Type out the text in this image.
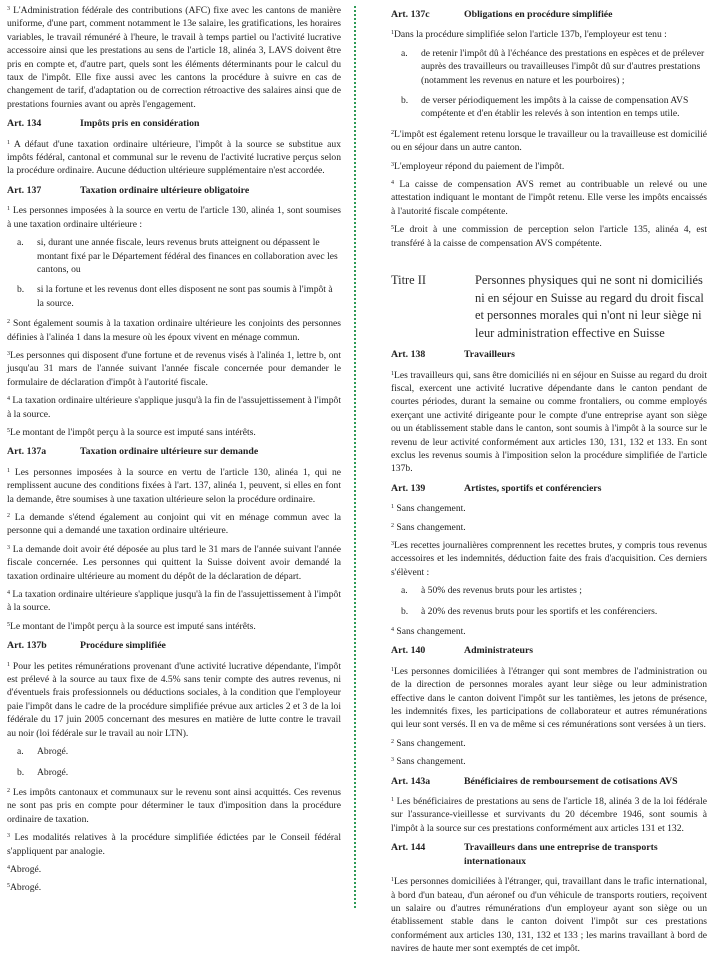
$^3$ L'Administration fédérale des contributions (AFC) fixe avec les cantons de manière uniforme, d'une part, comment notamment le 13e salaire, les gratifications, les horaires variables, le travail rémunéré à l'heure, le travail à temps partiel ou l'activité lucrative accessoire ainsi que les prestations au sens de l'article 18, alinéa 3, LAVS doivent être pris en compte et, d'autre part, quels sont les éléments déterminants pour le calcul du taux de l'impôt. Elle fixe aussi avec les cantons la procédure à suivre en cas de changement de tarif, d'adaptation ou de correction rétroactive des salaires ainsi que de prestations fournies avant ou après l'engagement.

Art. 134	Impôts pris en considération

$^1$ A défaut d'une taxation ordinaire ultérieure, l'impôt à la source se substitue aux impôts fédéral, cantonal et communal sur le revenu de l'activité lucrative perçus selon la procédure ordinaire. Aucune déduction ultérieure supplémentaire n'est accordée.

Art. 137	Taxation ordinaire ultérieure obligatoire

$^1$ Les personnes imposées à la source en vertu de l'article 130, alinéa 1, sont soumises à une taxation ordinaire ultérieure :

a.	si, durant une année fiscale, leurs revenus bruts atteignent ou dépassent le montant fixé par le Département fédéral des finances en collaboration avec les cantons, ou
b.	si la fortune et les revenus dont elles disposent ne sont pas soumis à l'impôt à la source.

$^2$ Sont également soumis à la taxation ordinaire ultérieure les conjoints des personnes définies à l'alinéa 1 dans la mesure où les époux vivent en ménage commun.

$^3$Les personnes qui disposent d'une fortune et de revenus visés à l'alinéa 1, lettre b, ont jusqu'au 31 mars de l'année suivant l'année fiscale concernée pour demander le formulaire de déclaration d'impôt à l'autorité fiscale.

$^4$ La taxation ordinaire ultérieure s'applique jusqu'à la fin de l'assujettissement à l'impôt à la source.

$^5$Le montant de l'impôt perçu à la source est imputé sans intérêts.

Art. 137a	Taxation ordinaire ultérieure sur demande

$^1$ Les personnes imposées à la source en vertu de l'article 130, alinéa 1, qui ne remplissent aucune des conditions fixées à l'art. 137, alinéa 1, peuvent, si elles en font la demande, être soumises à une taxation ultérieure selon la procédure ordinaire.

$^2$ La demande s'étend également au conjoint qui vit en ménage commun avec la personne qui a demandé une taxation ordinaire ultérieure.

$^3$ La demande doit avoir été déposée au plus tard le 31 mars de l'année suivant l'année fiscale concernée. Les personnes qui quittent la Suisse doivent avoir demandé la taxation ordinaire ultérieure au moment du dépôt de la déclaration de départ.

$^4$ La taxation ordinaire ultérieure s'applique jusqu'à la fin de l'assujettissement à l'impôt à la source.

$^5$Le montant de l'impôt perçu à la source est imputé sans intérêts.

Art. 137b	Procédure simplifiée

$^1$ Pour les petites rémunérations provenant d'une activité lucrative dépendante, l'impôt est prélevé à la source au taux fixe de 4.5% sans tenir compte des autres revenus, ni d'éventuels frais professionnels ou déductions sociales, à la condition que l'employeur paie l'impôt dans le cadre de la procédure simplifiée prévue aux articles 2 et 3 de la loi fédérale du 17 juin 2005 concernant des mesures en matière de lutte contre le travail au noir (loi fédérale sur le travail au noir LTN).

a.	Abrogé.
b.	Abrogé.

$^2$ Les impôts cantonaux et communaux sur le revenu sont ainsi acquittés. Ces revenus ne sont pas pris en compte pour déterminer le taux d'imposition dans la procédure ordinaire de taxation.

$^3$ Les modalités relatives à la procédure simplifiée édictées par le Conseil fédéral s'appliquent par analogie.

$^4$Abrogé.

$^5$Abrogé.

Art. 137c	Obligations en procédure simplifiée

$^1$Dans la procédure simplifiée selon l'article 137b, l'employeur est tenu :

a.	de retenir l'impôt dû à l'échéance des prestations en espèces et de prélever auprès des travailleurs ou travailleuses l'impôt dû sur d'autres prestations (notamment les revenus en nature et les pourboires) ;
b.	de verser périodiquement les impôts à la caisse de compensation AVS compétente et d'en établir les relevés à son intention en temps utile.

$^2$L'impôt est également retenu lorsque le travailleur ou la travailleuse est domicilié ou en séjour dans un autre canton.

$^3$L'employeur répond du paiement de l'impôt.

$^4$ La caisse de compensation AVS remet au contribuable un relevé ou une attestation indiquant le montant de l'impôt retenu. Elle verse les impôts encaissés à l'autorité fiscale compétente.

$^5$Le droit à une commission de perception selon l'article 135, alinéa 4, est transféré à la caisse de compensation AVS compétente.

Titre II	Personnes physiques qui ne sont ni domiciliés ni en séjour en Suisse au regard du droit fiscal et personnes morales qui n'ont ni leur siège ni leur administration effective en Suisse
Art. 138	Travailleurs

$^1$Les travailleurs qui, sans être domiciliés ni en séjour en Suisse au regard du droit fiscal, exercent une activité lucrative dépendante dans le canton pendant de courtes périodes, durant la semaine ou comme frontaliers, ou comme employés exerçant une activité dirigeante pour le compte d'une entreprise ayant son siège ou un établissement stable dans le canton, sont soumis à l'impôt à la source sur le revenu de leur activité conformément aux articles 130, 131, 132 et 133. En sont exclus les revenus soumis à l'imposition selon la procédure simplifiée de l'article 137b.

Art. 139	Artistes, sportifs et conférenciers

$^1$ Sans changement.

$^2$ Sans changement.

$^3$Les recettes journalières comprennent les recettes brutes, y compris tous revenus accessoires et les indemnités, déduction faite des frais d'acquisition. Ces derniers s'élèvent :

a.	à 50% des revenus bruts pour les artistes ;
b.	à 20% des revenus bruts pour les sportifs et les conférenciers.

$^4$ Sans changement.

Art. 140	Administrateurs

$^1$Les personnes domiciliées à l'étranger qui sont membres de l'administration ou de la direction de personnes morales ayant leur siège ou leur administration effective dans le canton doivent l'impôt sur les tantièmes, les jetons de présence, les indemnités fixes, les participations de collaborateur et autres rémunérations qui leur sont versés. Il en va de même si ces rémunérations sont versées à un tiers.

$^2$ Sans changement.

$^3$ Sans changement.

Art. 143a	Bénéficiaires de remboursement de cotisations AVS

$^1$ Les bénéficiaires de prestations au sens de l'article 18, alinéa 3 de la loi fédérale sur l'assurance-vieillesse et survivants du 20 décembre 1946, sont soumis à l'impôt à la source sur ces prestations conformément aux articles 131 et 132.

Art. 144	Travailleurs dans une entreprise de transports internationaux

$^1$Les personnes domiciliées à l'étranger, qui, travaillant dans le trafic international, à bord d'un bateau, d'un aéronef ou d'un véhicule de transports routiers, reçoivent un salaire ou d'autres rémunérations d'un employeur ayant son siège ou un établissement stable dans le canton doivent l'impôt sur ces prestations conformément aux articles 130, 131, 132 et 133 ; les marins travaillant à bord de navires de haute mer sont exemptés de cet impôt.
